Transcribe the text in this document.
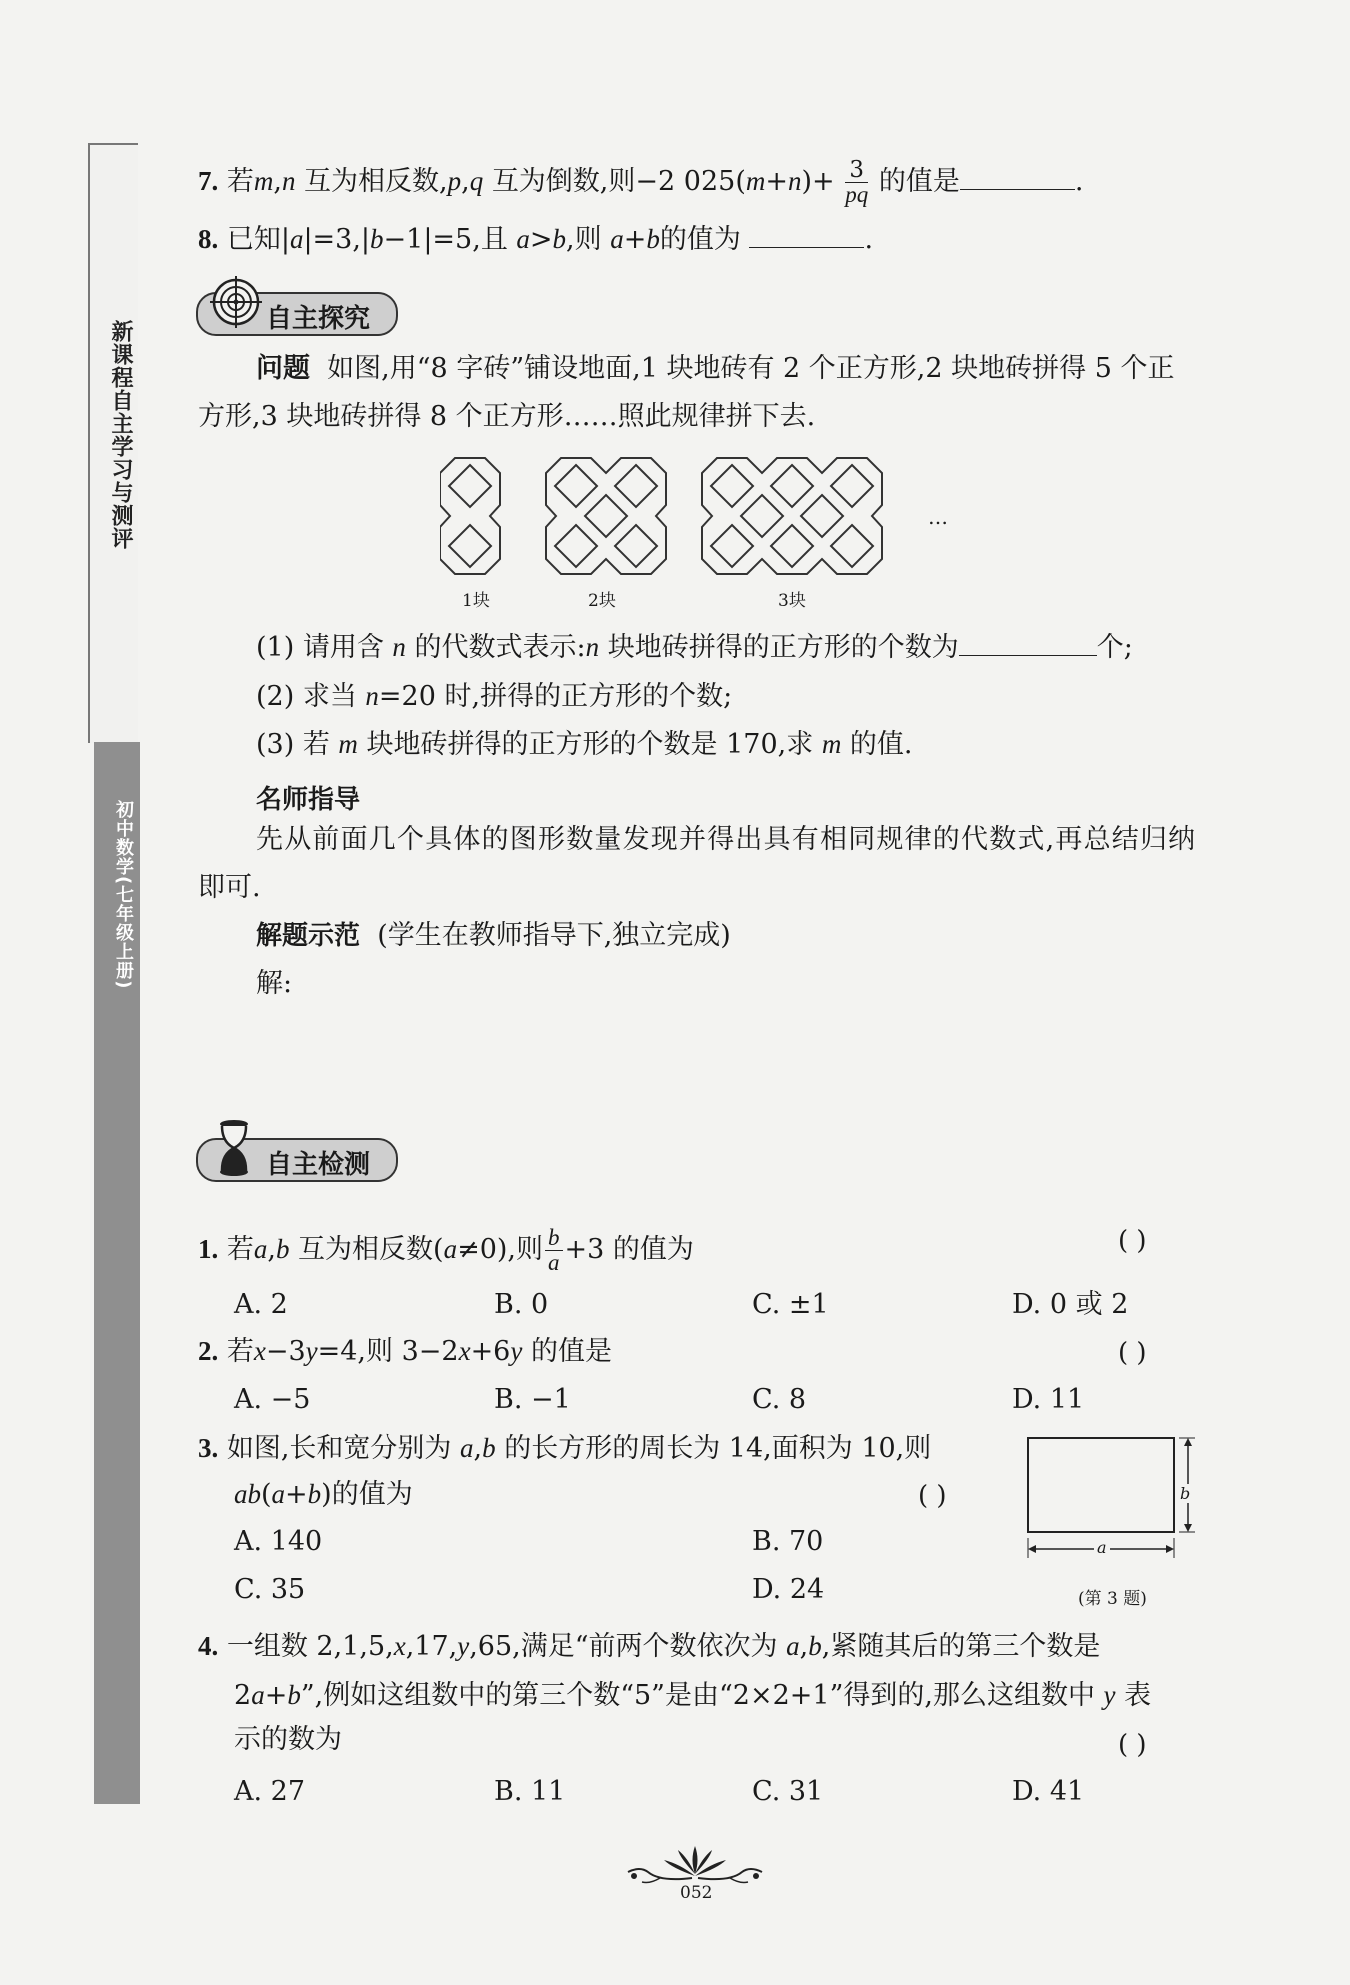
新课程自主学习与测评
初中数学(七年级上册)
7. 若m,n 互为相反数,p,q 互为倒数,则−2 $025(m+n)+ \frac{3}{pq}$ 的值是	.
8. 已知|a|=3,|b−1|=5,且 a>b,则 a+b的值为	.
自主探究
问题 如图,用“8 字砖”铺设地面,1 块地砖有 2 个正方形,2 块地砖拼得 5 个正
方形,3 块地砖拼得 8 个正方形……照此规律拼下去.
1块	2块	3块
…
(1) 请用含 n 的代数式表示:n 块地砖拼得的正方形的个数为	个;
(2) 求当 n=20 时,拼得的正方形的个数;
(3) 若 m 块地砖拼得的正方形的个数是 170,求 m 的值.
名师指导
先从前面几个具体的图形数量发现并得出具有相同规律的代数式,再总结归纳
即可.
解题示范 (学生在教师指导下,独立完成)
解:
自主检测
1. 若a,b 互为相反数(a≠0),则 $\frac{b}{a} +3$ 的值为	( )
A. 2	B. 0	C. ±1	D. 0 或 2
2. 若x−3y=4,则 3−2x+6y 的值是	( )
A. −5	B. −1	C. 8	D. 11
3. 如图,长和宽分别为 a,b 的长方形的周长为 14,面积为 10,则
ab(a+b)的值为	( )
A. 140	B. 70
C. 35	D. 24
b
a
(第 3 题)
4. 一组数 2,1,5,x,17,y,65,满足“前两个数依次为 a,b,紧随其后的第三个数是
2a+b”,例如这组数中的第三个数“5”是由“2×2+1”得到的,那么这组数中 y 表
示的数为	( )
A. 27	B. 11	C. 31	D. 41
052
